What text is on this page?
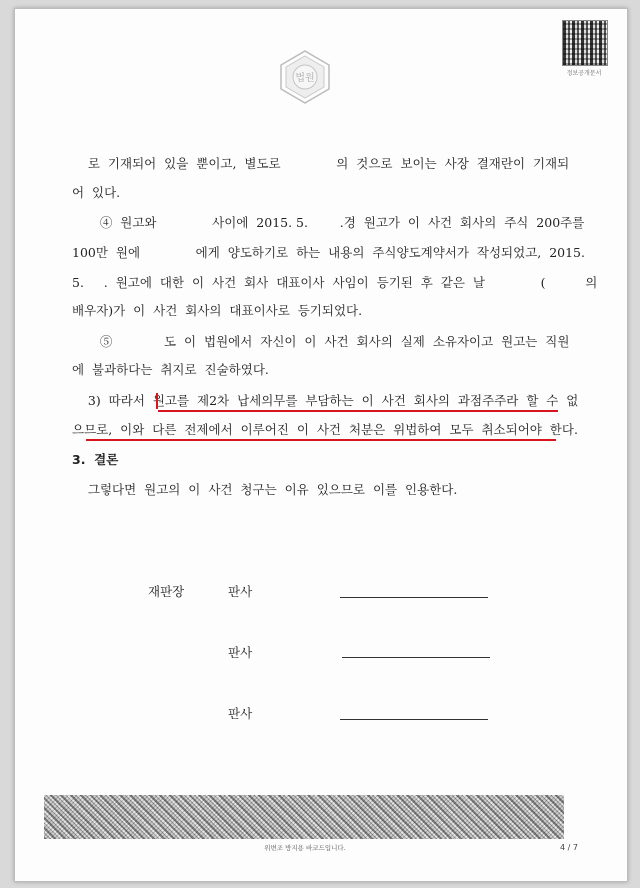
정보공개문서
법원
로  기재되어  있을  뿐이고,  별도로              의  것으로  보이는  사장  결재란이  기재되
어  있다.
④  원고와              사이에  2015. 5.        .경  원고가  이  사건  회사의  주식  200주를
100만  원에              에게  양도하기로  하는  내용의  주식양도계약서가  작성되었고,  2015.
5.     .  원고에  대한  이  사건  회사  대표이사  사임이  등기된  후  같은  날              (          의
배우자)가  이  사건  회사의  대표이사로  등기되었다.
⑤             도  이  법원에서  자신이  이  사건  회사의  실제  소유자이고  원고는  직원
에  불과하다는  취지로  진술하였다.
3)  따라서  원고를  제2차  납세의무를  부담하는  이  사건  회사의  과점주주라  할  수  없
으므로,  이와  다른  전제에서  이루어진  이  사건  처분은  위법하여  모두  취소되어야  한다.
3.  결론
그렇다면  원고의  이  사건  청구는  이유  있으므로  이를  인용한다.
재판장	판사
판사
판사
위변조 방지용 바코드입니다.	4 / 7
